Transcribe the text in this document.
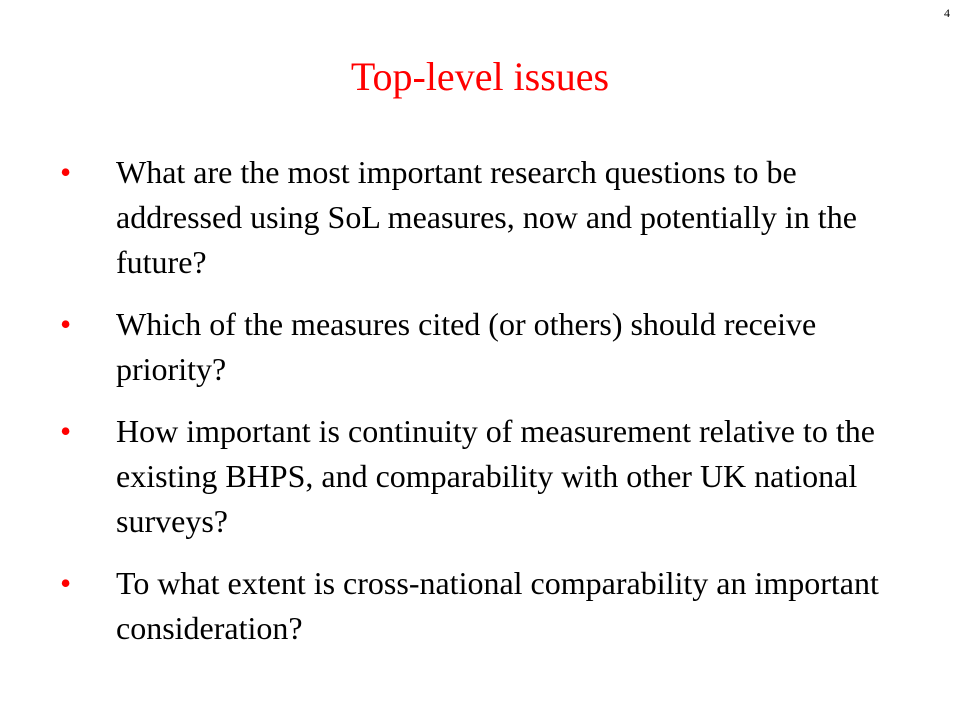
4
Top-level issues
•	What are the most important research questions to be addressed using SoL measures, now and potentially in the future?
•	Which of the measures cited (or others) should receive priority?
•	How important is continuity of measurement relative to the existing BHPS, and comparability with other UK national surveys?
•	To what extent is cross-national comparability an important consideration?
